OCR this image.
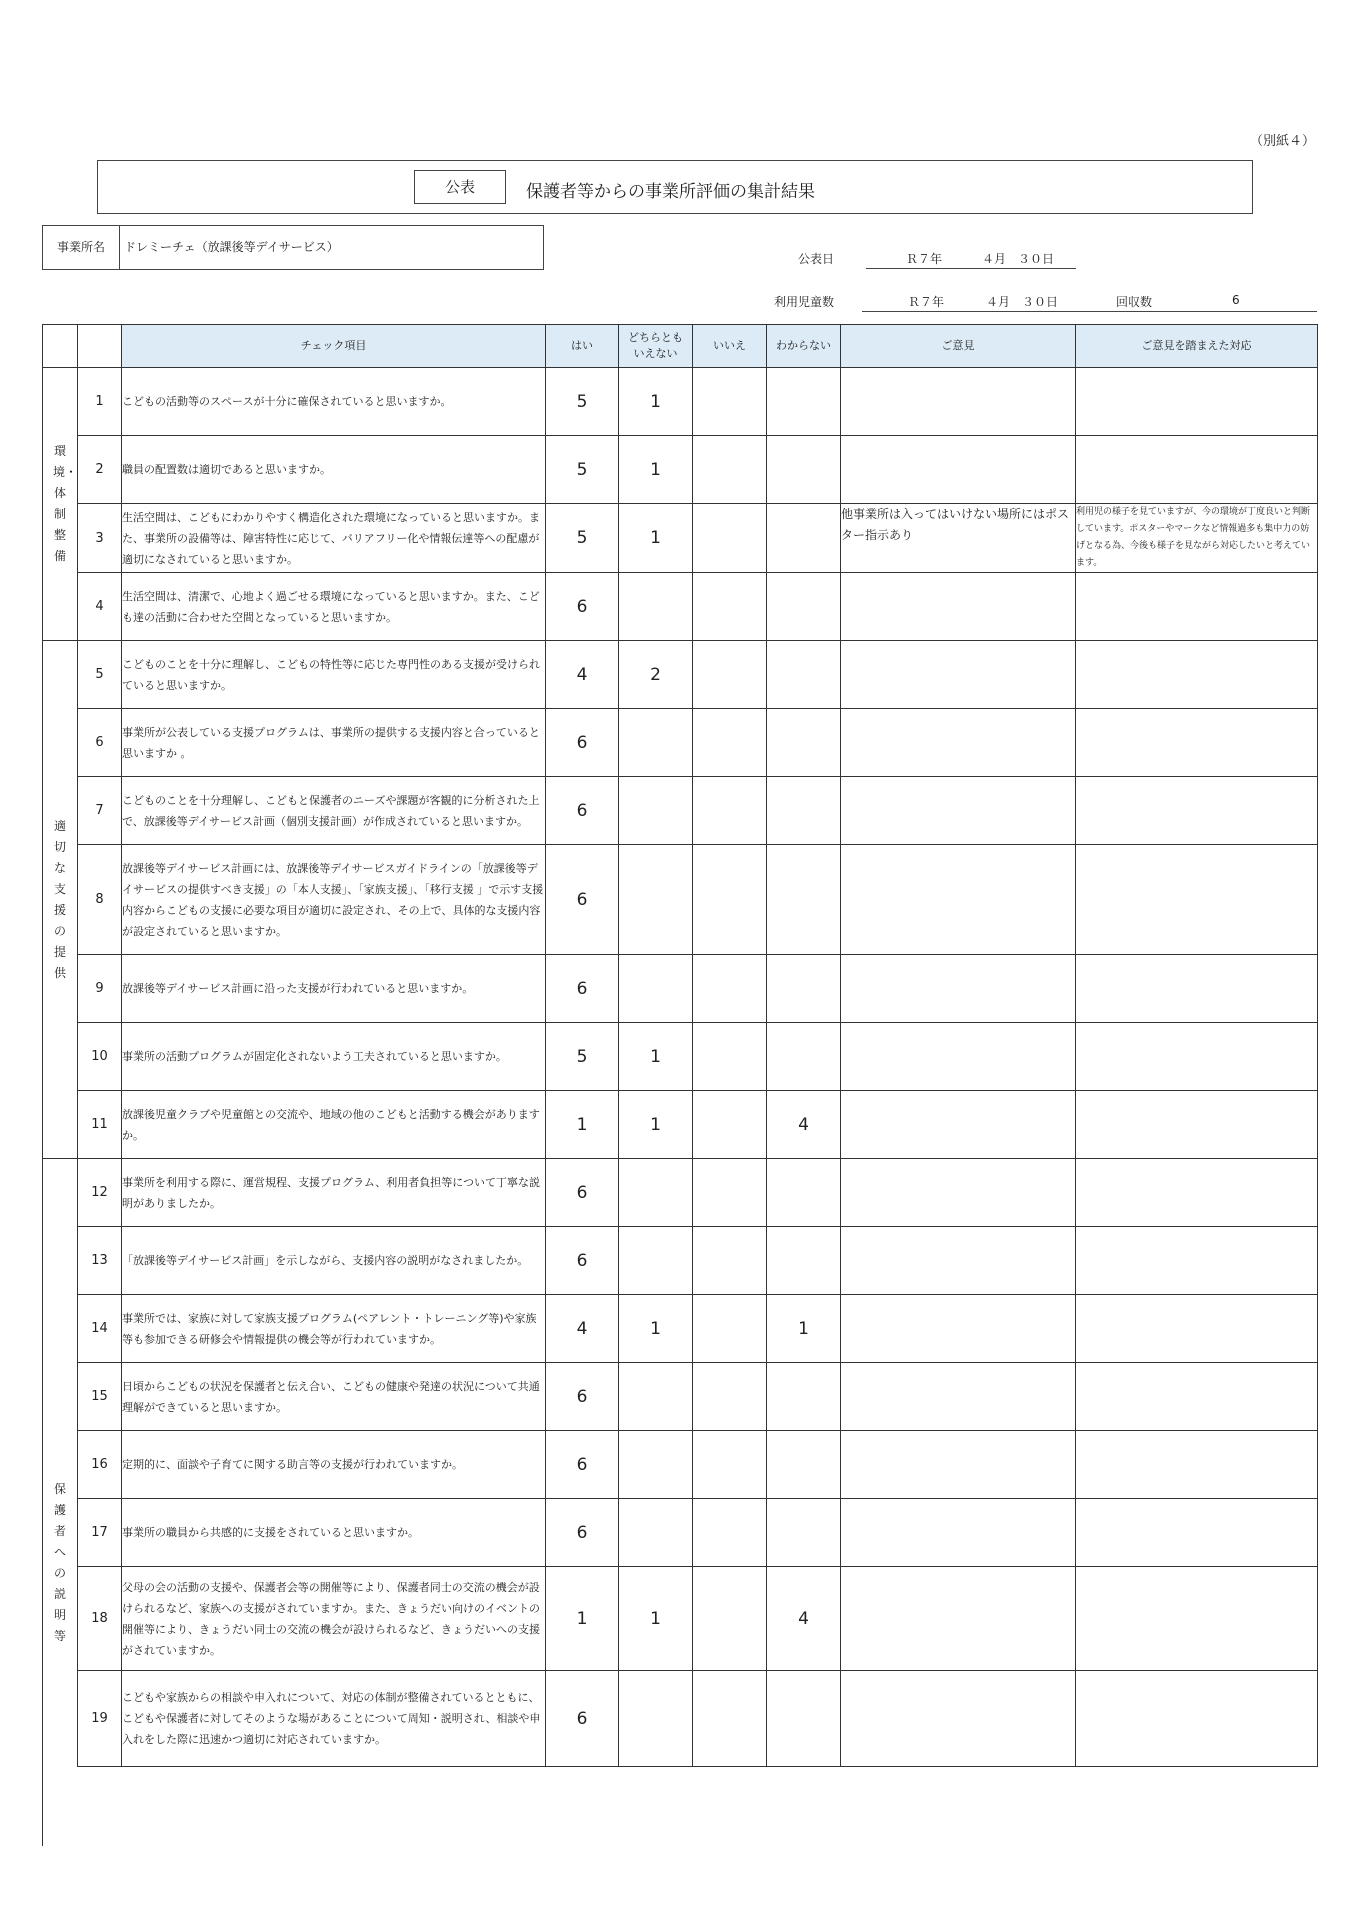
（別紙４）
公表	保護者等からの事業所評価の集計結果
事業所名	ドレミーチェ（放課後等デイサービス）
公表日	Ｒ７年	４月 ３０日
利用児童数	Ｒ７年	４月 ３０日	回収数	6
		チェック項目	はい	どちらとも
いえない	いいえ	わからない	ご意見	ご意見を踏まえた対応
環境・体制整備	1	こどもの活動等のスペースが十分に確保されていると思いますか。	5	1				
	2	職員の配置数は適切であると思いますか。	5	1				
	3	生活空間は、こどもにわかりやすく構造化された環境になっていると思いますか。また、事業所の設備等は、障害特性に応じて、バリアフリー化や情報伝達等への配慮が適切になされていると思いますか。	5	1			他事業所は入ってはいけない場所にはポスター指示あり	利用児の様子を見ていますが、今の環境が丁度良いと判断しています。ポスターやマークなど情報過多も集中力の妨げとなる為、今後も様子を見ながら対応したいと考えています。
	4	生活空間は、清潔で、心地よく過ごせる環境になっていると思いますか。また、こども達の活動に合わせた空間となっていると思いますか。	6					
適切な支援の提供	5	こどものことを十分に理解し、こどもの特性等に応じた専門性のある支援が受けられていると思いますか。	4	2				
	6	事業所が公表している支援プログラムは、事業所の提供する支援内容と合っていると思いますか 。	6					
	7	こどものことを十分理解し、こどもと保護者のニーズや課題が客観的に分析された上で、放課後等デイサービス計画（個別支援計画）が作成されていると思いますか。	6					
	8	放課後等デイサービス計画には、放課後等デイサービスガイドラインの「放課後等デイサービスの提供すべき支援」の「本人支援」、「家族支援」、「移行支援 」で示す支援内容からこどもの支援に必要な項目が適切に設定され、その上で、具体的な支援内容が設定されていると思いますか。	6					
	9	放課後等デイサービス計画に沿った支援が行われていると思いますか。	6					
	10	事業所の活動プログラムが固定化されないよう工夫されていると思いますか。	5	1				
	11	放課後児童クラブや児童館との交流や、地域の他のこどもと活動する機会がありますか。	1	1		4		
保護者への説明等	12	事業所を利用する際に、運営規程、支援プログラム、利用者負担等について丁寧な説明がありましたか。	6					
	13	「放課後等デイサービス計画」を示しながら、支援内容の説明がなされましたか。	6					
	14	事業所では、家族に対して家族支援プログラム(ペアレント・トレーニング等)や家族等も参加できる研修会や情報提供の機会等が行われていますか。	4	1		1		
	15	日頃からこどもの状況を保護者と伝え合い、こどもの健康や発達の状況について共通理解ができていると思いますか。	6					
	16	定期的に、面談や子育てに関する助言等の支援が行われていますか。	6					
	17	事業所の職員から共感的に支援をされていると思いますか。	6					
	18	父母の会の活動の支援や、保護者会等の開催等により、保護者同士の交流の機会が設けられるなど、家族への支援がされていますか。また、きょうだい向けのイベントの開催等により、きょうだい同士の交流の機会が設けられるなど、きょうだいへの支援がされていますか。	1	1		4		
	19	こどもや家族からの相談や申入れについて、対応の体制が整備されているとともに、こどもや保護者に対してそのような場があることについて周知・説明され、相談や申入れをした際に迅速かつ適切に対応されていますか。	6					
